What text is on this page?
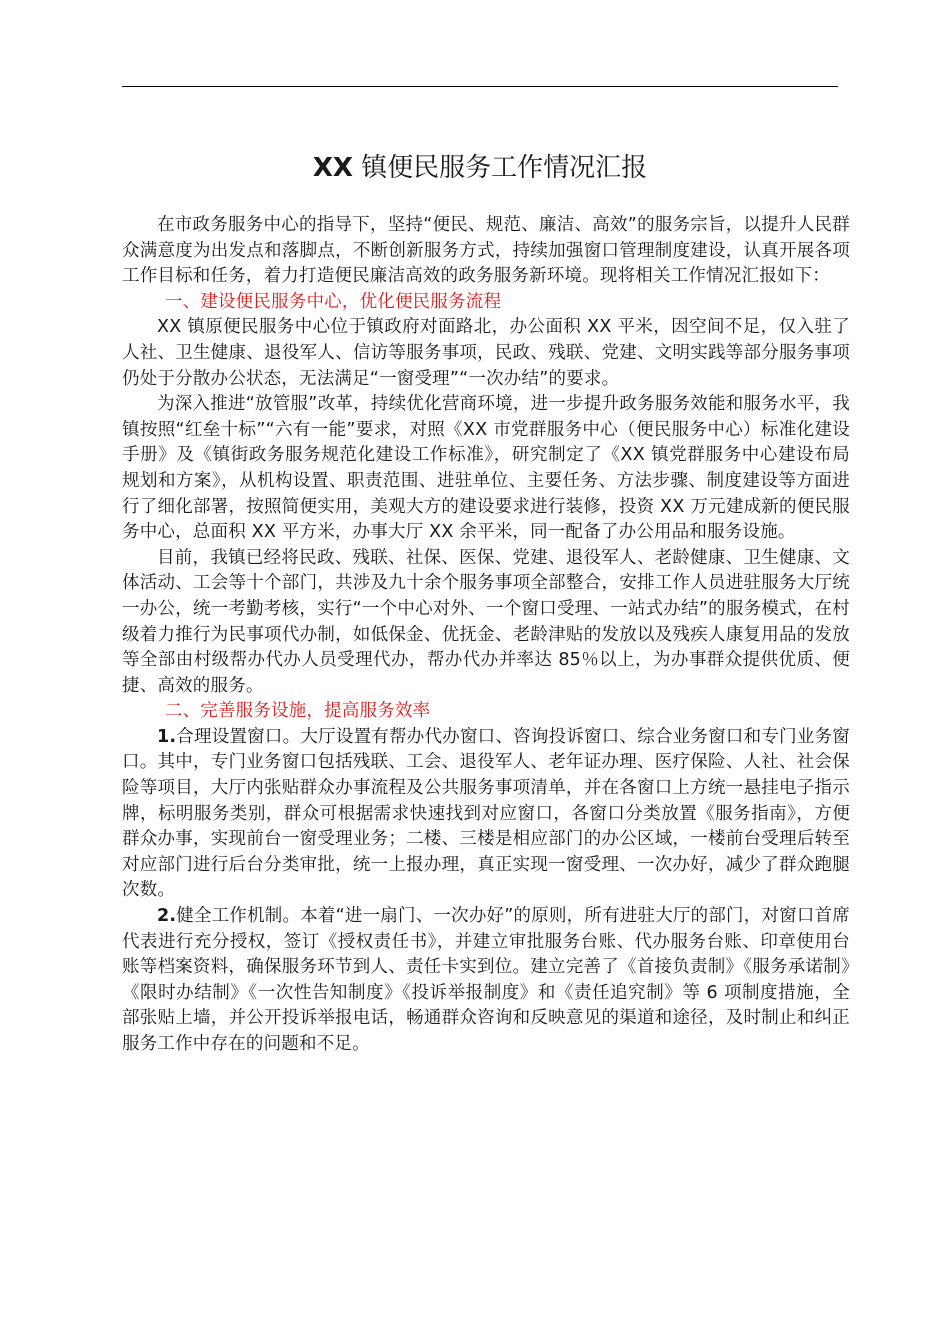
XX 镇便民服务工作情况汇报

在市政务服务中心的指导下，坚持“便民、规范、廉洁、高效”的服务宗旨，以提升人民群众满意度为出发点和落脚点，不断创新服务方式，持续加强窗口管理制度建设，认真开展各项工作目标和任务，着力打造便民廉洁高效的政务服务新环境。现将相关工作情况汇报如下：

一、建设便民服务中心，优化便民服务流程

XX 镇原便民服务中心位于镇政府对面路北，办公面积 XX 平米，因空间不足，仅入驻了人社、卫生健康、退役军人、信访等服务事项，民政、残联、党建、文明实践等部分服务事项仍处于分散办公状态，无法满足“一窗受理”“一次办结”的要求。

为深入推进“放管服”改革，持续优化营商环境，进一步提升政务服务效能和服务水平，我镇按照“红垒十标”“六有一能”要求，对照《XX 市党群服务中心（便民服务中心）标准化建设手册》及《镇街政务服务规范化建设工作标准》，研究制定了《XX 镇党群服务中心建设布局规划和方案》，从机构设置、职责范围、进驻单位、主要任务、方法步骤、制度建设等方面进行了细化部署，按照简便实用，美观大方的建设要求进行装修，投资 XX 万元建成新的便民服务中心，总面积 XX 平方米，办事大厅 XX 余平米，同一配备了办公用品和服务设施。

目前，我镇已经将民政、残联、社保、医保、党建、退役军人、老龄健康、卫生健康、文体活动、工会等十个部门，共涉及九十余个服务事项全部整合，安排工作人员进驻服务大厅统一办公，统一考勤考核，实行“一个中心对外、一个窗口受理、一站式办结”的服务模式，在村级着力推行为民事项代办制，如低保金、优抚金、老龄津贴的发放以及残疾人康复用品的发放等全部由村级帮办代办人员受理代办，帮办代办并率达 85％以上，为办事群众提供优质、便捷、高效的服务。

二、完善服务设施，提高服务效率

1.合理设置窗口。大厅设置有帮办代办窗口、咨询投诉窗口、综合业务窗口和专门业务窗口。其中，专门业务窗口包括残联、工会、退役军人、老年证办理、医疗保险、人社、社会保险等项目，大厅内张贴群众办事流程及公共服务事项清单，并在各窗口上方统一悬挂电子指示牌，标明服务类别，群众可根据需求快速找到对应窗口，各窗口分类放置《服务指南》，方便群众办事，实现前台一窗受理业务；二楼、三楼是相应部门的办公区域，一楼前台受理后转至对应部门进行后台分类审批，统一上报办理，真正实现一窗受理、一次办好，减少了群众跑腿次数。

2.健全工作机制。本着“进一扇门、一次办好”的原则，所有进驻大厅的部门，对窗口首席代表进行充分授权，签订《授权责任书》，并建立审批服务台账、代办服务台账、印章使用台账等档案资料，确保服务环节到人、责任卡实到位。建立完善了《首接负责制》《服务承诺制》《限时办结制》《一次性告知制度》《投诉举报制度》和《责任追究制》等 6 项制度措施，全部张贴上墙，并公开投诉举报电话，畅通群众咨询和反映意见的渠道和途径，及时制止和纠正服务工作中存在的问题和不足。
